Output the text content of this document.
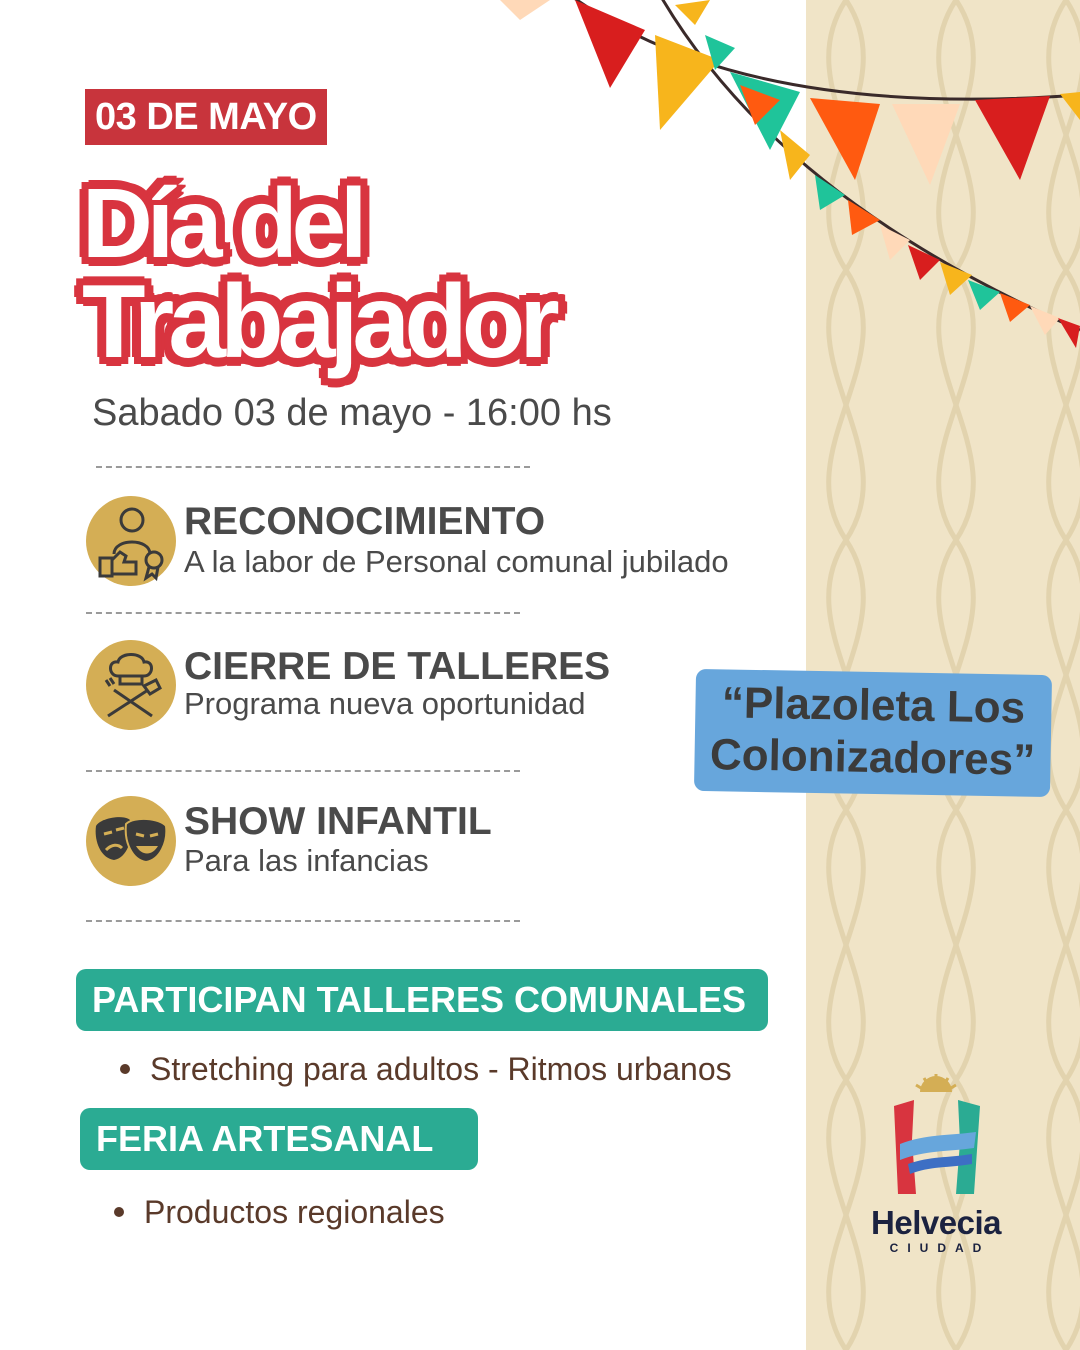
03 DE MAYO
Día del
Trabajador
Sabado 03 de mayo - 16:00 hs
RECONOCIMIENTO
A la labor de Personal comunal jubilado
CIERRE DE TALLERES
Programa nueva oportunidad
SHOW INFANTIL
Para las infancias
“Plazoleta Los
Colonizadores”
PARTICIPAN TALLERES COMUNALES
Stretching para adultos - Ritmos urbanos
FERIA ARTESANAL
Productos regionales	Helvecia
CIUDAD
